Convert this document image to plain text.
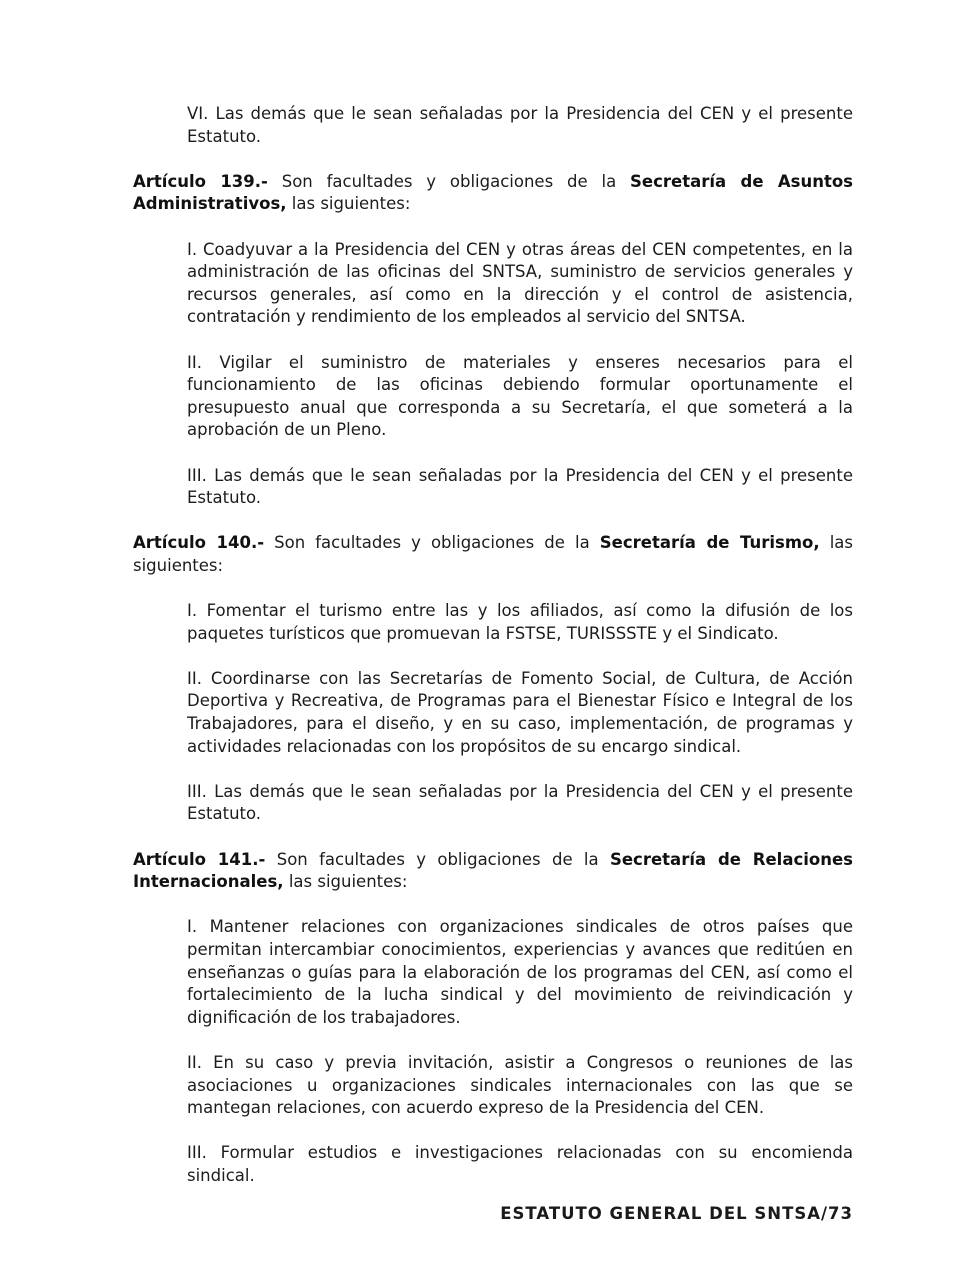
VI. Las demás que le sean señaladas por la Presidencia del CEN y el presente Estatuto.

Artículo 139.- Son facultades y obligaciones de la Secretaría de Asuntos Administrativos, las siguientes:

I. Coadyuvar a la Presidencia del CEN y otras áreas del CEN competentes, en la administración de las oficinas del SNTSA, suministro de servicios generales y recursos generales, así como en la dirección y el control de asistencia, contratación y rendimiento de los empleados al servicio del SNTSA.

II. Vigilar el suministro de materiales y enseres necesarios para el funcionamiento de las oficinas debiendo formular oportunamente el presupuesto anual que corresponda a su Secretaría, el que someterá a la aprobación de un Pleno.

III. Las demás que le sean señaladas por la Presidencia del CEN y el presente Estatuto.

Artículo 140.- Son facultades y obligaciones de la Secretaría de Turismo, las siguientes:

I. Fomentar el turismo entre las y los afiliados, así como la difusión de los paquetes turísticos que promuevan la FSTSE, TURISSSTE y el Sindicato.

II. Coordinarse con las Secretarías de Fomento Social, de Cultura, de Acción Deportiva y Recreativa, de Programas para el Bienestar Físico e Integral de los Trabajadores, para el diseño, y en su caso, implementación, de programas y actividades relacionadas con los propósitos de su encargo sindical.

III. Las demás que le sean señaladas por la Presidencia del CEN y el presente Estatuto.

Artículo 141.- Son facultades y obligaciones de la Secretaría de Relaciones Internacionales, las siguientes:

I. Mantener relaciones con organizaciones sindicales de otros países que permitan intercambiar conocimientos, experiencias y avances que reditúen en enseñanzas o guías para la elaboración de los programas del CEN, así como el fortalecimiento de la lucha sindical y del movimiento de reivindicación y dignificación de los trabajadores.

II. En su caso y previa invitación, asistir a Congresos o reuniones de las asociaciones u organizaciones sindicales internacionales con las que se mantegan relaciones, con acuerdo expreso de la Presidencia del CEN.

III. Formular estudios e investigaciones relacionadas con su encomienda sindical.

ESTATUTO GENERAL DEL SNTSA/73
